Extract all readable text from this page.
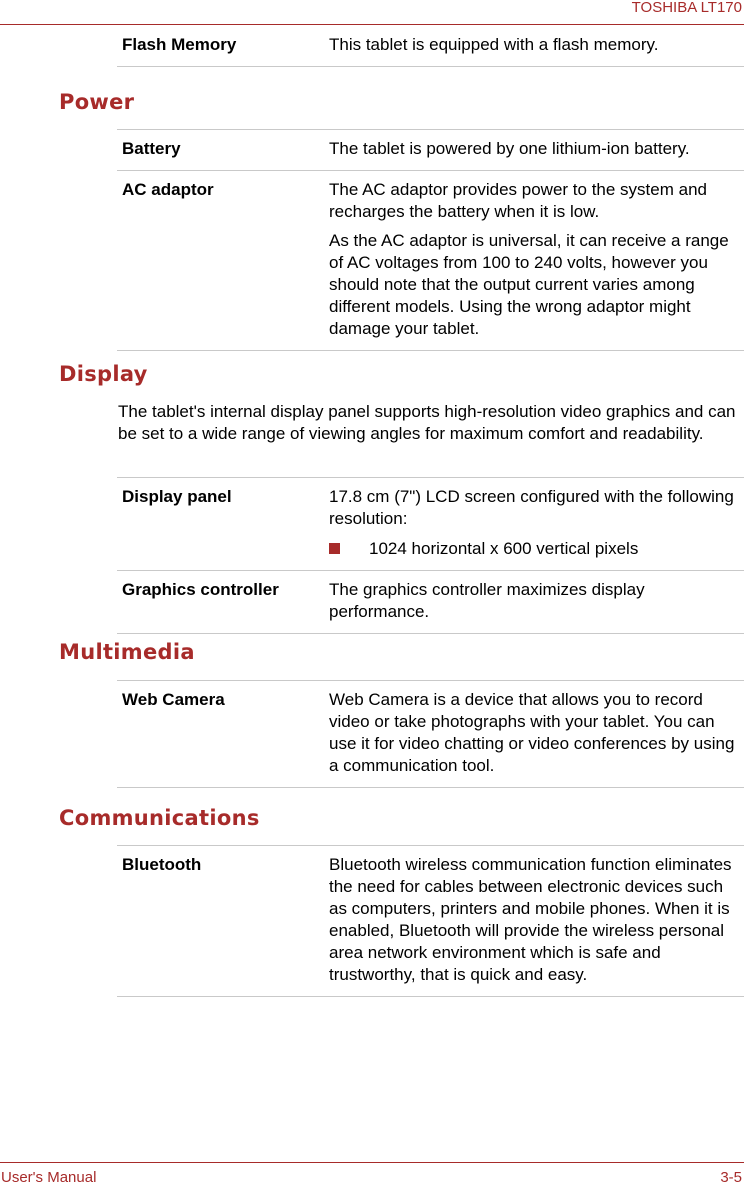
TOSHIBA LT170
Flash Memory	This tablet is equipped with a flash memory.

Power
Battery	The tablet is powered by one lithium-ion battery.

AC adaptor	The AC adaptor provides power to the system and recharges the battery when it is low.

As the AC adaptor is universal, it can receive a range of AC voltages from 100 to 240 volts, however you should note that the output current varies among different models. Using the wrong adaptor might damage your tablet.

Display

The tablet's internal display panel supports high-resolution video graphics and can be set to a wide range of viewing angles for maximum comfort and readability.

Display panel	17.8 cm (7") LCD screen configured with the following resolution:

1024 horizontal x 600 vertical pixels
Graphics controller	The graphics controller maximizes display performance.

Multimedia
Web Camera	Web Camera is a device that allows you to record video or take photographs with your tablet. You can use it for video chatting or video conferences by using a communication tool.

Communications
Bluetooth	Bluetooth wireless communication function eliminates the need for cables between electronic devices such as computers, printers and mobile phones. When it is enabled, Bluetooth will provide the wireless personal area network environment which is safe and trustworthy, that is quick and easy.

User's Manual	3-5
